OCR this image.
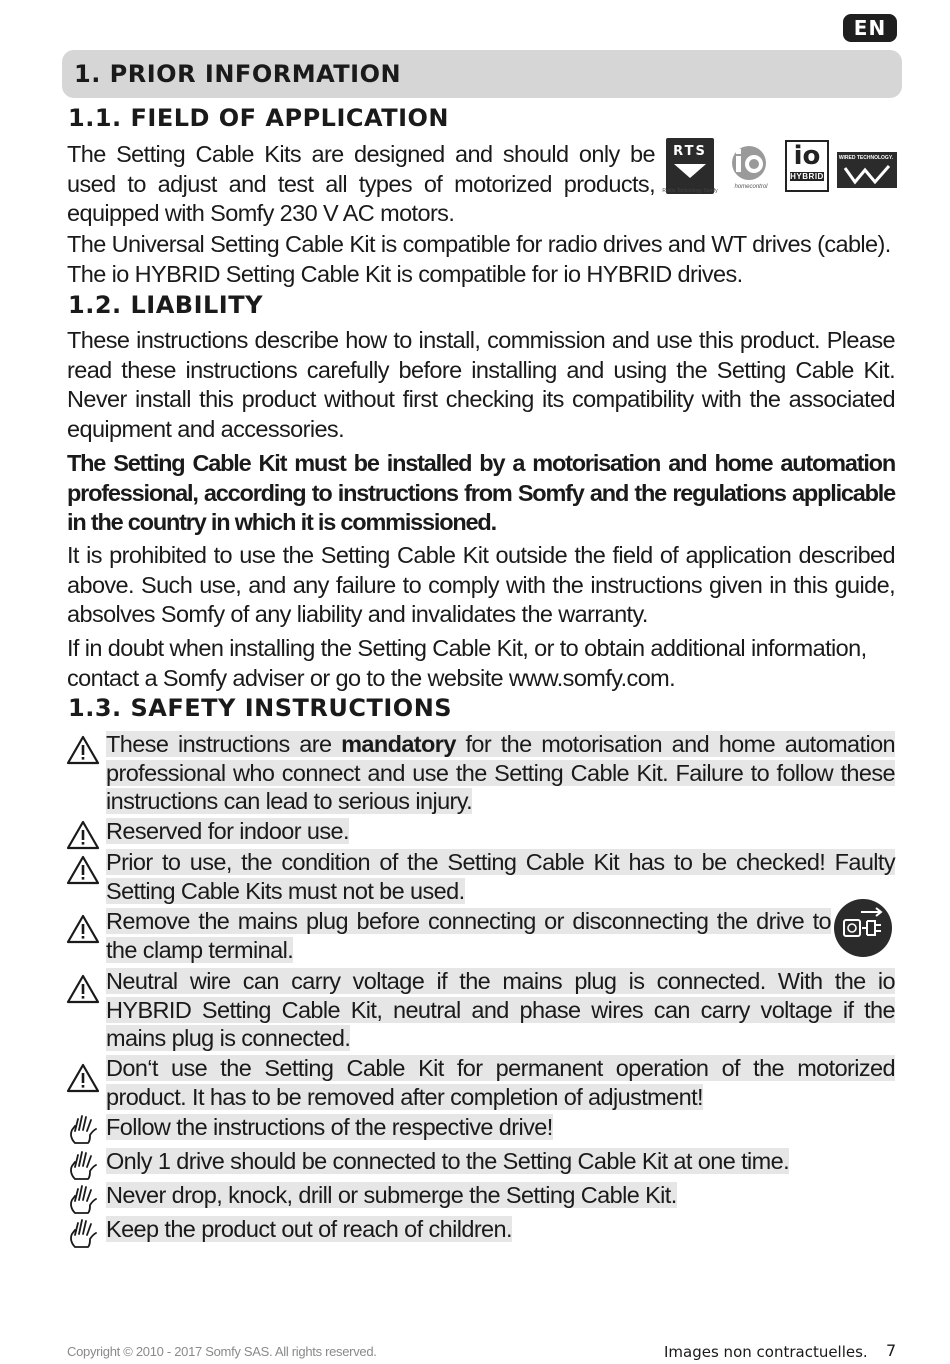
EN
1. PRIOR INFORMATION
1.1. FIELD OF APPLICATION
The Setting Cable Kits are designed and should only be used to adjust and test all types of motorized products, equipped with Somfy 230 V AC motors.
The Universal Setting Cable Kit is compatible for radio drives and WT drives (cable). The io HYBRID Setting Cable Kit is compatible for io HYBRID drives.
RTS
Radio Technology Somfy
homecontrol
io
HYBRID
WIRED TECHNOLOGY.
1.2. LIABILITY
These instructions describe how to install, commission and use this product. Please read these instructions carefully before installing and using the Setting Cable Kit. Never install this product without first checking its compatibility with the associated equipment and accessories.
The Setting Cable Kit must be installed by a motorisation and home automation professional, according to instructions from Somfy and the regulations applicable in the country in which it is commissioned.
It is prohibited to use the Setting Cable Kit outside the field of application described above. Such use, and any failure to comply with the instructions given in this guide, absolves Somfy of any liability and invalidates the warranty.
If in doubt when installing the Setting Cable Kit, or to obtain additional information, contact a Somfy adviser or go to the website www.somfy.com.
1.3. SAFETY INSTRUCTIONS
These instructions are mandatory for the motorisation and home automation professional who connect and use the Setting Cable Kit. Failure to follow these instructions can lead to serious injury.
Reserved for indoor use.
Prior to use, the condition of the Setting Cable Kit has to be checked! Faulty Setting Cable Kits must not be used.
Remove the mains plug before connecting or disconnecting the drive to the clamp terminal.
Neutral wire can carry voltage if the mains plug is connected. With the io HYBRID Setting Cable Kit, neutral and phase wires can carry voltage if the mains plug is connected.
Don‘t use the Setting Cable Kit for permanent operation of the motorized product. It has to be removed after completion of adjustment!
Follow the instructions of the respective drive!
Only 1 drive should be connected to the Setting Cable Kit at one time.
Never drop, knock, drill or submerge the Setting Cable Kit.
Keep the product out of reach of children.
Copyright © 2010 - 2017 Somfy SAS. All rights reserved.	Images non contractuelles. 7
